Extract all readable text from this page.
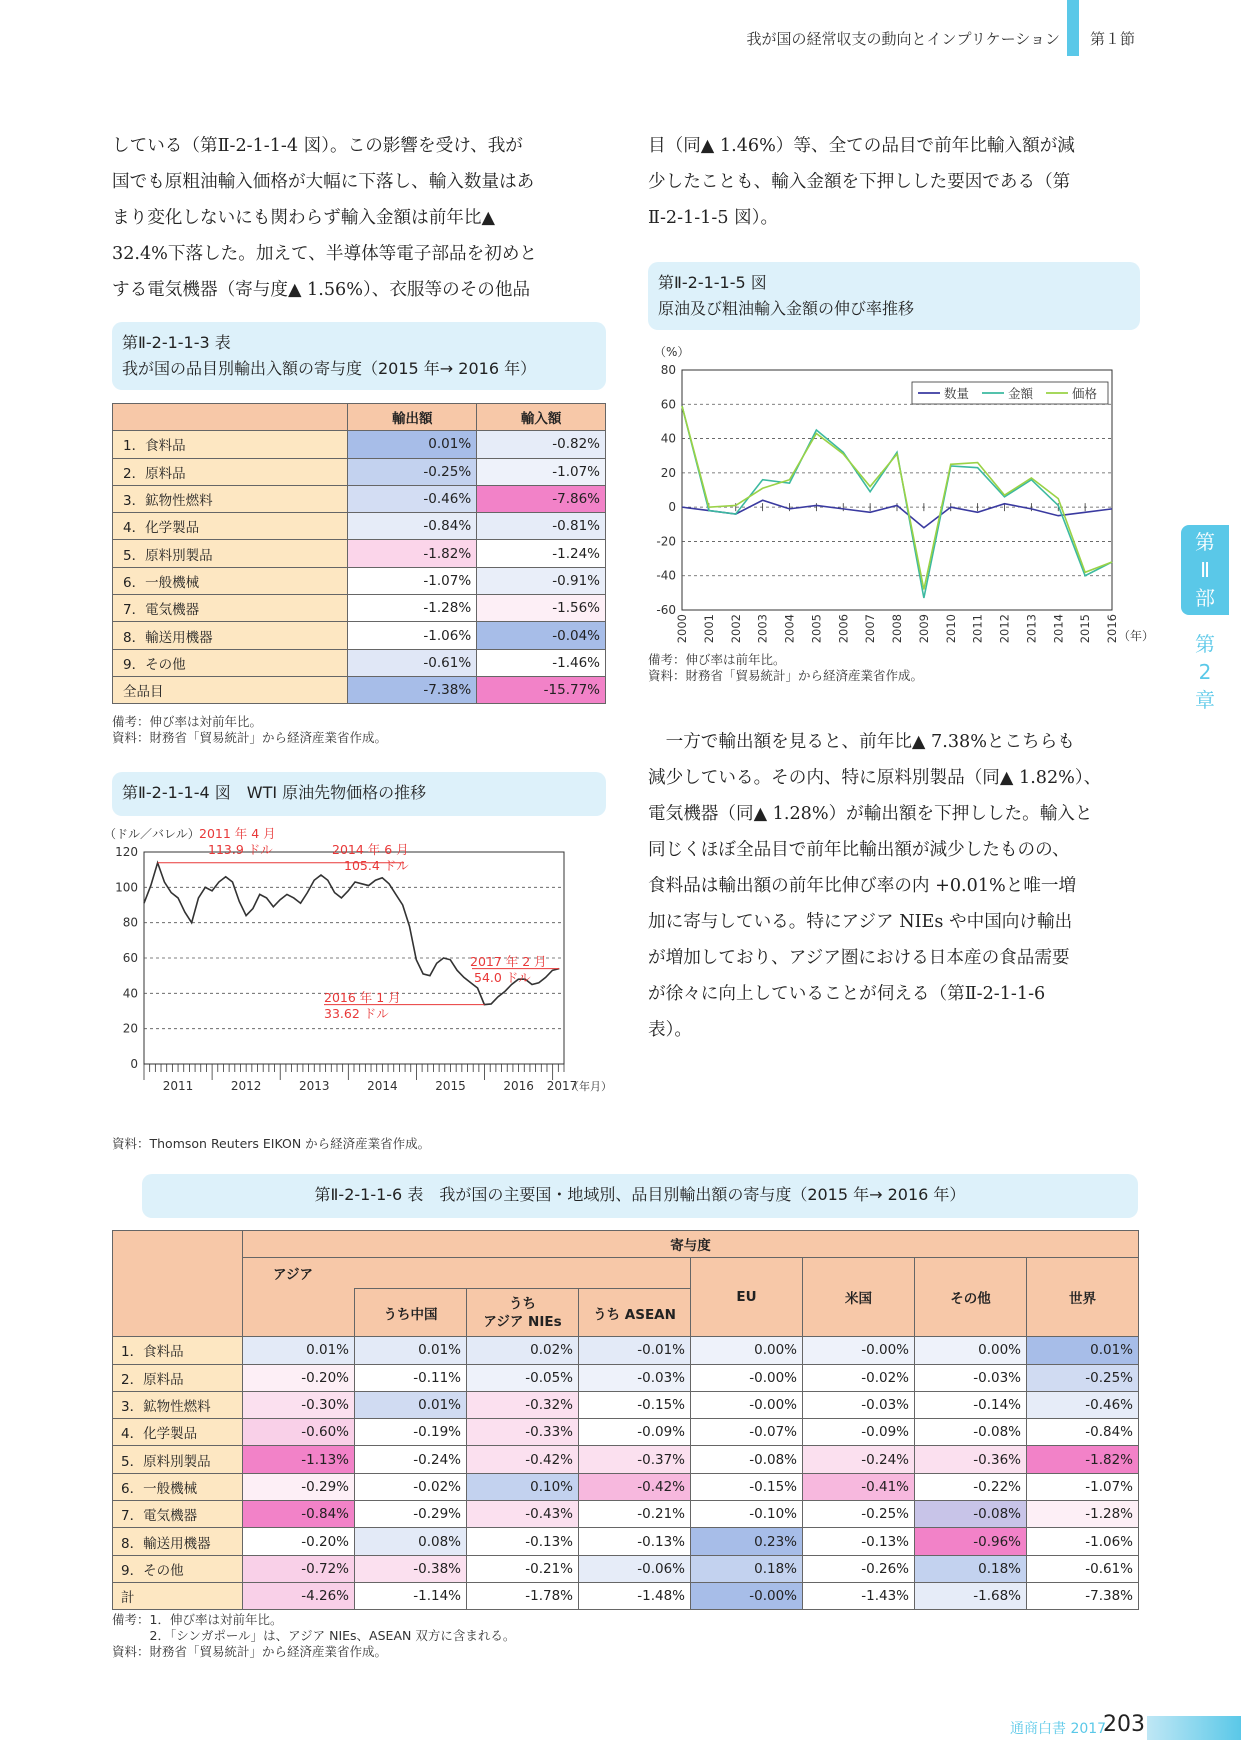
我が国の経常収支の動向とインプリケーション 第１節
第
Ⅱ
部
第
2
章
している（第Ⅱ-2-1-1-4 図）。この影響を受け、我が
国でも原粗油輸入価格が大幅に下落し、輸入数量はあ
まり変化しないにも関わらず輸入金額は前年比▲
32.4%下落した。加えて、半導体等電子部品を初めと
する電気機器（寄与度▲ 1.56%）、衣服等のその他品
目（同▲ 1.46%）等、全ての品目で前年比輸入額が減
少したことも、輸入金額を下押しした要因である（第
Ⅱ-2-1-1-5 図）。
　一方で輸出額を見ると、前年比▲ 7.38%とこちらも
減少している。その内、特に原料別製品（同▲ 1.82%）、
電気機器（同▲ 1.28%）が輸出額を下押しした。輸入と
同じくほぼ全品目で前年比輸出額が減少したものの、
食料品は輸出額の前年比伸び率の内 +0.01%と唯一増
加に寄与している。特にアジア NIEs や中国向け輸出
が増加しており、アジア圏における日本産の食品需要
が徐々に向上していることが伺える（第Ⅱ-2-1-1-6
表）。
第Ⅱ-2-1-1-3 表
我が国の品目別輸出入額の寄与度（2015 年→ 2016 年）
	輸出額	輸入額
1．食料品	0.01%	-0.82%
2．原料品	-0.25%	-1.07%
3．鉱物性燃料	-0.46%	-7.86%
4．化学製品	-0.84%	-0.81%
5．原料別製品	-1.82%	-1.24%
6．一般機械	-1.07%	-0.91%
7．電気機器	-1.28%	-1.56%
8．輸送用機器	-1.06%	-0.04%
9．その他	-0.61%	-1.46%
全品目	-7.38%	-15.77%
備考：伸び率は対前年比。
資料：財務省「貿易統計」から経済産業省作成。
第Ⅱ-2-1-1-4 図　WTI 原油先物価格の推移
（ドル／バレル）
0
20
40
60
80
100
120
2011	2012	2013	2014	2015	2016 2017
（年月）
2011 年 4 月
113.9 ドル	2014 年 6 月
105.4 ドル
2017 年 2 月
54.0 ドル
2016 年 1 月
33.62 ドル
資料：Thomson Reuters EIKON から経済産業省作成。
第Ⅱ-2-1-1-5 図
原油及び粗油輸入金額の伸び率推移
（%）
-60
-40
-20
0
20
40
60
80
2000 2001 2002 2003 2004 2005 2006 2007 2008 2009 2010 2011 2012 2013 2014 2015 2016 （年）
数量	金額	価格
備考：伸び率は前年比。
資料：財務省「貿易統計」から経済産業省作成。
第Ⅱ-2-1-1-6 表　我が国の主要国・地域別、品目別輸出額の寄与度（2015 年→ 2016 年）
	寄与度							
	アジア				EU	米国	その他	世界
		うち中国	うち
アジア NIEs	うち ASEAN				
1．食料品	0.01%	0.01%	0.02%	-0.01%	0.00%	-0.00%	0.00%	0.01%
2．原料品	-0.20%	-0.11%	-0.05%	-0.03%	-0.00%	-0.02%	-0.03%	-0.25%
3．鉱物性燃料	-0.30%	0.01%	-0.32%	-0.15%	-0.00%	-0.03%	-0.14%	-0.46%
4．化学製品	-0.60%	-0.19%	-0.33%	-0.09%	-0.07%	-0.09%	-0.08%	-0.84%
5．原料別製品	-1.13%	-0.24%	-0.42%	-0.37%	-0.08%	-0.24%	-0.36%	-1.82%
6．一般機械	-0.29%	-0.02%	0.10%	-0.42%	-0.15%	-0.41%	-0.22%	-1.07%
7．電気機器	-0.84%	-0.29%	-0.43%	-0.21%	-0.10%	-0.25%	-0.08%	-1.28%
8．輸送用機器	-0.20%	0.08%	-0.13%	-0.13%	0.23%	-0.13%	-0.96%	-1.06%
9．その他	-0.72%	-0.38%	-0.21%	-0.06%	0.18%	-0.26%	0.18%	-0.61%
計	-4.26%	-1.14%	-1.78%	-1.48%	-0.00%	-1.43%	-1.68%	-7.38%
備考：1．伸び率は対前年比。
　　　2．「シンガポール」は、アジア NIEs、ASEAN 双方に含まれる。
資料：財務省「貿易統計」から経済産業省作成。
通商白書 2017
203
